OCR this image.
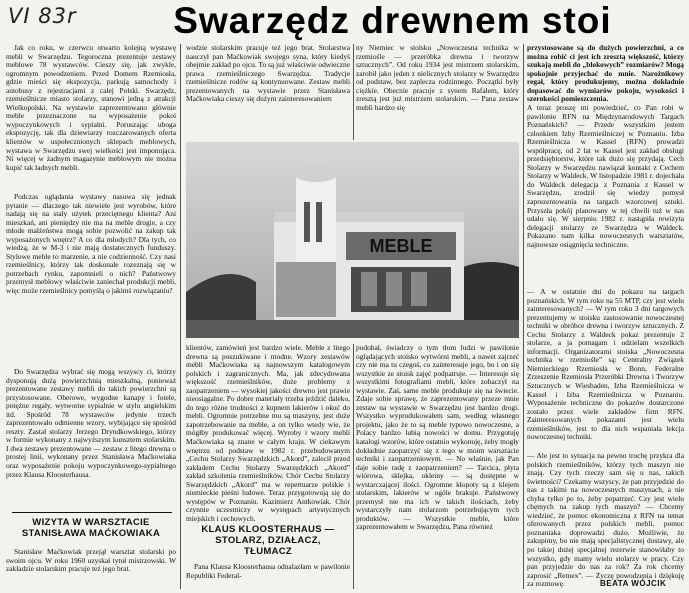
VI 83r	Swarzędz drewnem stoi

Jak co roku, w czerwcu otwarto kolejną wystawę mebli w Swarzędzu. Tegoroczna prezentuje zestawy meblowe 78 wystawców. Cieszy się, jak zwykle, ogromnym powodzeniem. Przed Domem Rzemiosła, gdzie mieści się ekspozycja, parkują samochody i autobusy z rejestracjami z całej Polski. Swarzędz, rzemieślnicze miasto stolarzy, stanowi jedną z atrakcji Wielkopolski. Na wystawie zaprezentowano głównie meble przeznaczone na wyposażenie pokoi wypoczynkowych i sypialni. Poruszając uboga ekspozycję, tak dla dziewiarzy rozczarowanych oferta klientów w uspołecznionych sklepach meblowych, wystawa w Swarzędzu swej wielkości jest imponująca. Ni więcej w żadnym magazynie meblowym nie można kupić tak ładnych mebli.

Podczas oglądania wystawy nasuwa się jednak pytanie — dlaczego tak niewiele jest wyrobów, które nadają się na stały użytek przeciętnego klienta? Ani mieszkań, ani pieniędzy nie ma na meble drogie, a czy młode małżeństwa mogą sobie pozwolić na zakup tak wyposażonych wnętrz? A co dla młodych? Dla tych, co wiedzą, że w M-3 i nie mają dostatecznych funduszy. Stylowe meble to marzenie, a nie codzienność. Czy nasi rzemieślnicy, którzy tak doskonale rozeznają się w potrzebach rynku, zapomnieli o nich? Państwowy przemysł meblowy właściwie zaniechał produkcji mebli, więc może rzemieślnicy pomyślą o jakimś rozwiązaniu?

Do Swarzędza wybrać się mogą wszyscy ci, którzy dysponują dużą powierzchnią mieszkalną, ponieważ prezentowane zestawy mebli do takich powierzchni są przystosowane. Oberowe, wygodne kanapy i fotele, potężne regały, wytworne sypialnie w stylu angielskim itd. Spośród 78 wystawców jedynie trzech zaprezentowało odmienne wzory, wybijające się spośród reszty. Zastał stolarzy Jerzego Dryndkowskiego, którzy w formie wykonany z najwyższym kunsztem stolarskim. I dwa zestawy prezentowane — zestaw z litego drewna o prostej linii, wykonany przez Stanisława Maćkowiaka oraz wyposażenie pokoju wypoczynkowego-sypialnego przez Klausa Kloosterhausa.

WIZYTA W WARSZTACIE
STANISŁAWA MAĆKOWIAKA

Stanisław Maćkowiak przejął warsztat stolarski po swoim ojcu. W roku 1960 uzyskał tytuł mistrzowski. W zakładzie stolarskim pracuje też jego brat.

wodzie stolarskim pracuje też jego brat. Stolarstwa nauczył pan Maćkowiak swojego syna, który kiedyś obejmie zakład po ojcu. To są już właściwie odwieczne prawa rzemieślniczego Swarzędza. Tradycje rzemieślnicze rodów są kontynuowane. Zestaw mebli prezentowanych na wystawie przez Stanisława Maćkowiaka cieszy się dużym zainteresowaniem

ny Niemiec w stolsku „Nowoczesna technika w rzemiośle — przeróbka drewna i tworzyw sztucznych”. Od roku 1934 jest mistrzem stolarskim, zarobił jako jeden z nielicznych stolarzy w Swarzędzu od podstaw, bez zaplecza rodzinnego. Początki były ciężkie. Obecnie pracuje z synem Rafałem, który zresztą jest już mistrzem stolarskim. — Pana zestaw mebli bardzo się

MEBLE

klientów, zamówień jest bardzo wiele. Meble z litego drewna są poszukiwane i modne. Wzory zestawów mebli Maćkowiaka są najnowszym katalogowym polskich i zagranicznych. Ma, jak zdecydowana większość rzemieślników, duże problemy z zaopatrzeniem — wysokiej jakości drewno jest prawie nieosiągalne. Po dobre materiały trzeba jeździć daleko, do tego różne trudności z kupnem lakierów i okuć do mebli. Ogromnie potrzebne mu są maszyny, jest duże zapotrzebowanie na meble, a on tylko wtedy wie, że mógłby produkować więcej. Wyroby i wzory mebli Maćkowiaka są znane w całym kraju. W ciekawym wnętrzu od podstaw w 1982 r. przebudowanym „Cechu Stolarzy Swarzędzkich „Akord”, zalecił przed zakładem Cechu Stolarzy Swarzędzkich „Akord” zakład szkolenia rzemieślników. Chór Cechu Stolarzy Swarzędzkich „Akord” ma w repertuarze polskie i niemieckie pieśni ludowe. Teraz przygotowują się do występów w Poznaniu. Kazimierz Antkowiak. Chór czynnie uczestniczy w występach artystycznych miejskich i cechowych.

KLAUS KLOOSTERHAUS —
STOLARZ, DZIAŁACZ,
TŁUMACZ

Pana Klausa Kloosterhausa odnalazłam w pawilonie Republiki Federal-

podobał, świadczy o tym tłum ludzi w pawilonie oglądających stoisko wytwórni mebli, a nawet zajrzeć czy nie ma tu czegoś, co zainteresuje jego, bo i on się wszystkie ze stoisk zajęć podpatruje. — Interesuje się wszystkimi fotografiami mebli, które zobaczył na wystawie. Zaś, same meble produkuje się na świecie. Zdaje sobie sprawę, że zaprezentowany przeze mnie zestaw na wystawie w Swarzędzu jest bardzo drogi. Wszystko wyprodukowałem sam, według własnego projektu, jako że to są meble typowo nowoczesne, a Polacy bardzo lubią nowości w domu. Przygotuję katalogi wzorów, które ostatnio wykonuję, żeby mogły dokładnie zaopatrzyć się z tego w moim warsztacie techniki i zaopatrzeniowym. — No właśnie, jak Pan daje sobie radę z zaopatrzeniem? — Tarcica, płyta wiórowa, sklejka, okleiny — są dostępne w wystarczającej ilości. Ogromne kłopoty są z klejem stolarskim, lakierów w ogóle brakuje. Państwowy przemysł nie ma ich w takich ilościach, żeby wystarczyły nam stolarzom potrzebującym tych produktów. — Wszystkie meble, które zaprezentowałem w Swarzędzu, Pana również

przystosowane są do dużych powierzchni, a co można robić ci jest ich zresztą większość, którzy szukają mebli do „blokowych” rozmiarów? Mogą spokojnie przyjechać do mnie. Narożnikowy regał, który produkujemy, można dokładnie dopasować do wymiarów pokoju, wysokości i szerokości pomieszczenia.

A teraz proszę mi powiedzieć, co Pan robi w pawilonie RFN na Międzynarodowych Targach Poznańskich? — Przede wszystkim jestem członkiem Izby Rzemieślniczej w Poznaniu. Izba Rzemieślnicza w Kassel (RFN) prowadzi współpracę, od 2 lat w Kassel jest zakład obsługi przedsiębiorstw, które tak dużo się przydają. Cech Stolarzy w Swarzędzu nawiązał kontakt z Cechem Stolarzy w Waldeck. W listopadzie 1981 r. dojechała do Waldeck delegacja z Poznania z Kassel w Swarzędzu, zrodził się wiedzy pomysł zaprezentowania na targach wzorcowej sztuki. Przyszła pokój planowany w tej chwili tuż w nas udało się. W sierpniu 1982 r. nastąpiła rewizyta delegacji stolarzy ze Swarzędza w Waldeck. Pokazano nam kilka nowoczesnych warsztatów, najnowsze osiągnięcia techniczne.

— A w ostatnie dni do pokazu na targach poznańskich. W tym roku na 55 MTP, czy jest wielu zainteresowanych? — W tym roku 3 dni targowych prezentujemy w stoisku zastosowanie nowoczesnej techniki w obróbce drewna i tworzyw sztucznych. Z Cechu Stolarzy z Waldeck pokaz prezentuje 2 stolarze, a ja pomagam i udzielam wszelkich informacji. Organizatorami stoiska „Nowoczesna technika w rzemiośle” są: Centralny Związek Niemieckiego Rzemiosła w Bonn, Federalne Zrzeszenie Rzemiosła Przeróbki Drewna i Tworzyw Sztucznych w Wiesbaden, Izba Rzemieślnicza w Kassel i Izba Rzemieślnicza w Poznaniu. Wyposażenie techniczne do pokazów dostarczone zostało przez wiele zakładów firm RFN. Zainteresowanych pokazami jest wielu rzemieślników, jest to dla nich wspaniała lekcja nowoczesnej techniki.

— Ale jest to sytuacja na pewno trochę przykra dla polskich rzemieślników, którzy tych maszyn nie znają. Czy tych rzeczy sam się u nas, takich świetności? Czekamy wszyscy, że pan przyjedzie do nas z takimi na nowoczesnych maszynach, a nie chyba tylko po to, żeby popatrzeć. Czy jest wielu chętnych na zakup tych maszyn? — Chcemy wiedzieć, że pomoc ekonomiczna z RFN na temat oferowanych przez polskich mebli, pomoc poznaniaka doprowadzi dużo. Możliwie, że zakupimy, bo nie mają specjalistycznej dostawy, ale po takiej dużej specjalnej rezerwie stanowiłaby to wszystko, gdy mamy wielu stolarzy w pracy. Czy pan przyjedzie do nas za rok? Za rok chcemy zaprosić „Remex”. — Życzę powodzenia i dziękuję za rozmowę.	BEATA WÓJCIK
